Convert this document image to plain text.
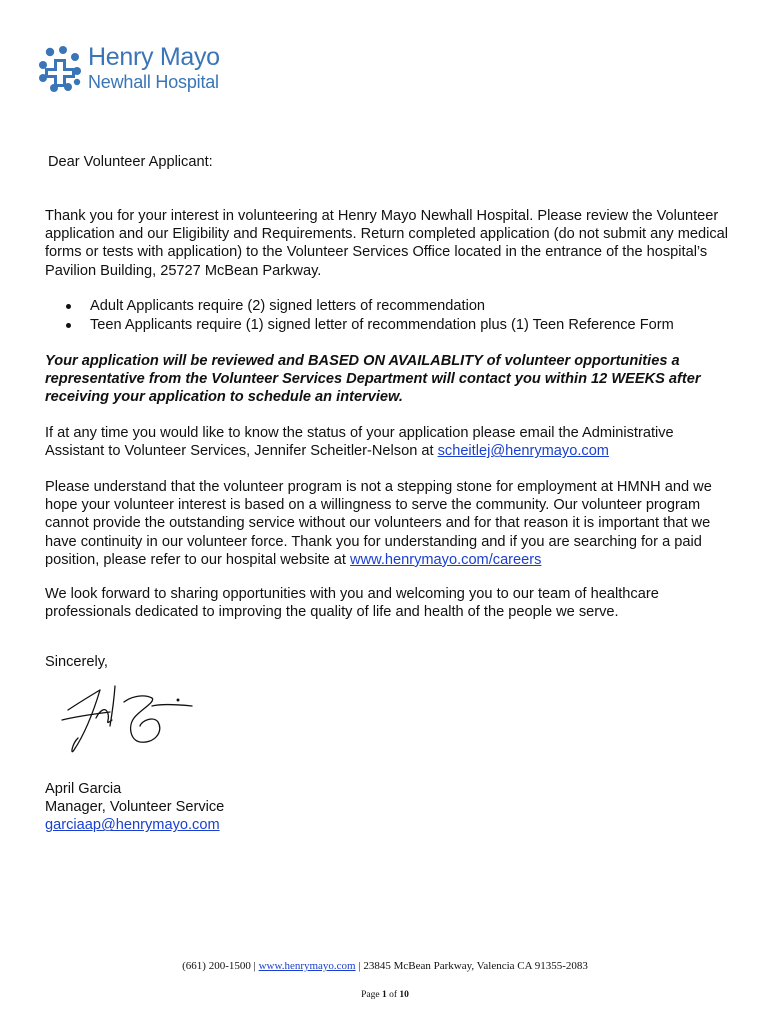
Henry Mayo
Newhall Hospital
Dear Volunteer Applicant:

Thank you for your interest in volunteering at Henry Mayo Newhall Hospital. Please review the Volunteer application and our Eligibility and Requirements. Return completed application (do not submit any medical forms or tests with application) to the Volunteer Services Office located in the entrance of the hospital’s Pavilion Building, 25727 McBean Parkway.

Adult Applicants require (2) signed letters of recommendation
Teen Applicants require (1) signed letter of recommendation plus (1) Teen Reference Form

Your application will be reviewed and BASED ON AVAILABLITY of volunteer opportunities a representative from the Volunteer Services Department will contact you within 12 WEEKS after receiving your application to schedule an interview.

If at any time you would like to know the status of your application please email the Administrative Assistant to Volunteer Services, Jennifer Scheitler-Nelson at scheitlej@henrymayo.com

Please understand that the volunteer program is not a stepping stone for employment at HMNH and we hope your volunteer interest is based on a willingness to serve the community. Our volunteer program cannot provide the outstanding service without our volunteers and for that reason it is important that we have continuity in our volunteer force. Thank you for understanding and if you are searching for a paid position, please refer to our hospital website at www.henrymayo.com/careers

We look forward to sharing opportunities with you and welcoming you to our team of healthcare professionals dedicated to improving the quality of life and health of the people we serve.

Sincerely,

April Garcia
Manager, Volunteer Service
garciaap@henrymayo.com
(661) 200-1500 | www.henrymayo.com | 23845 McBean Parkway, Valencia CA 91355-2083
Page 1 of 10
